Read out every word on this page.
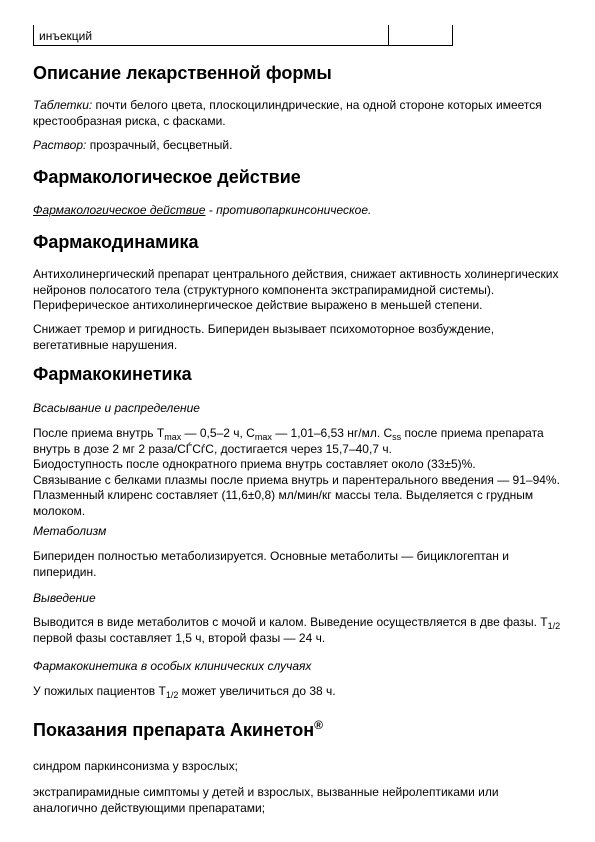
инъекций
Описание лекарственной формы

Таблетки: почти белого цвета, плоскоцилиндрические, на одной стороне которых имеется крестообразная риска, с фасками.

Раствор: прозрачный, бесцветный.

Фармакологическое действие

Фармакологическое действие - противопаркинсоническое.

Фармакодинамика

Антихолинергический препарат центрального действия, снижает активность холинергических нейронов полосатого тела (структурного компонента экстрапирамидной системы). Периферическое антихолинергическое действие выражено в меньшей степени.

Снижает тремор и ригидность. Бипериден вызывает психомоторное возбуждение, вегетативные нарушения.

Фармакокинетика

Всасывание и распределение

После приема внутрь $T_{max}$ — 0,5–2 ч, $C_{max}$ — 1,01–6,53 нг/мл. $C_{ss}$ после приема препарата внутрь в дозе 2 мг 2 раза/СЃСѓС, достигается через 15,7–40,7 ч.
Биодоступность после однократного приема внутрь составляет около (33±5)%.
Связывание с белками плазмы после приема внутрь и парентерального введения — 91–94%. Плазменный клиренс составляет (11,6±0,8) мл/мин/кг массы тела. Выделяется с грудным молоком.

Метаболизм

Бипериден полностью метаболизируется. Основные метаболиты — бициклогептан и пиперидин.

Выведение

Выводится в виде метаболитов с мочой и калом. Выведение осуществляется в две фазы. $T_{1/2}$ первой фазы составляет 1,5 ч, второй фазы — 24 ч.

Фармакокинетика в особых клинических случаях

У пожилых пациентов $T_{1/2}$ может увеличиться до 38 ч.

Показания препарата Акинетон®

синдром паркинсонизма у взрослых;

экстрапирамидные симптомы у детей и взрослых, вызванные нейролептиками или аналогично действующими препаратами;
